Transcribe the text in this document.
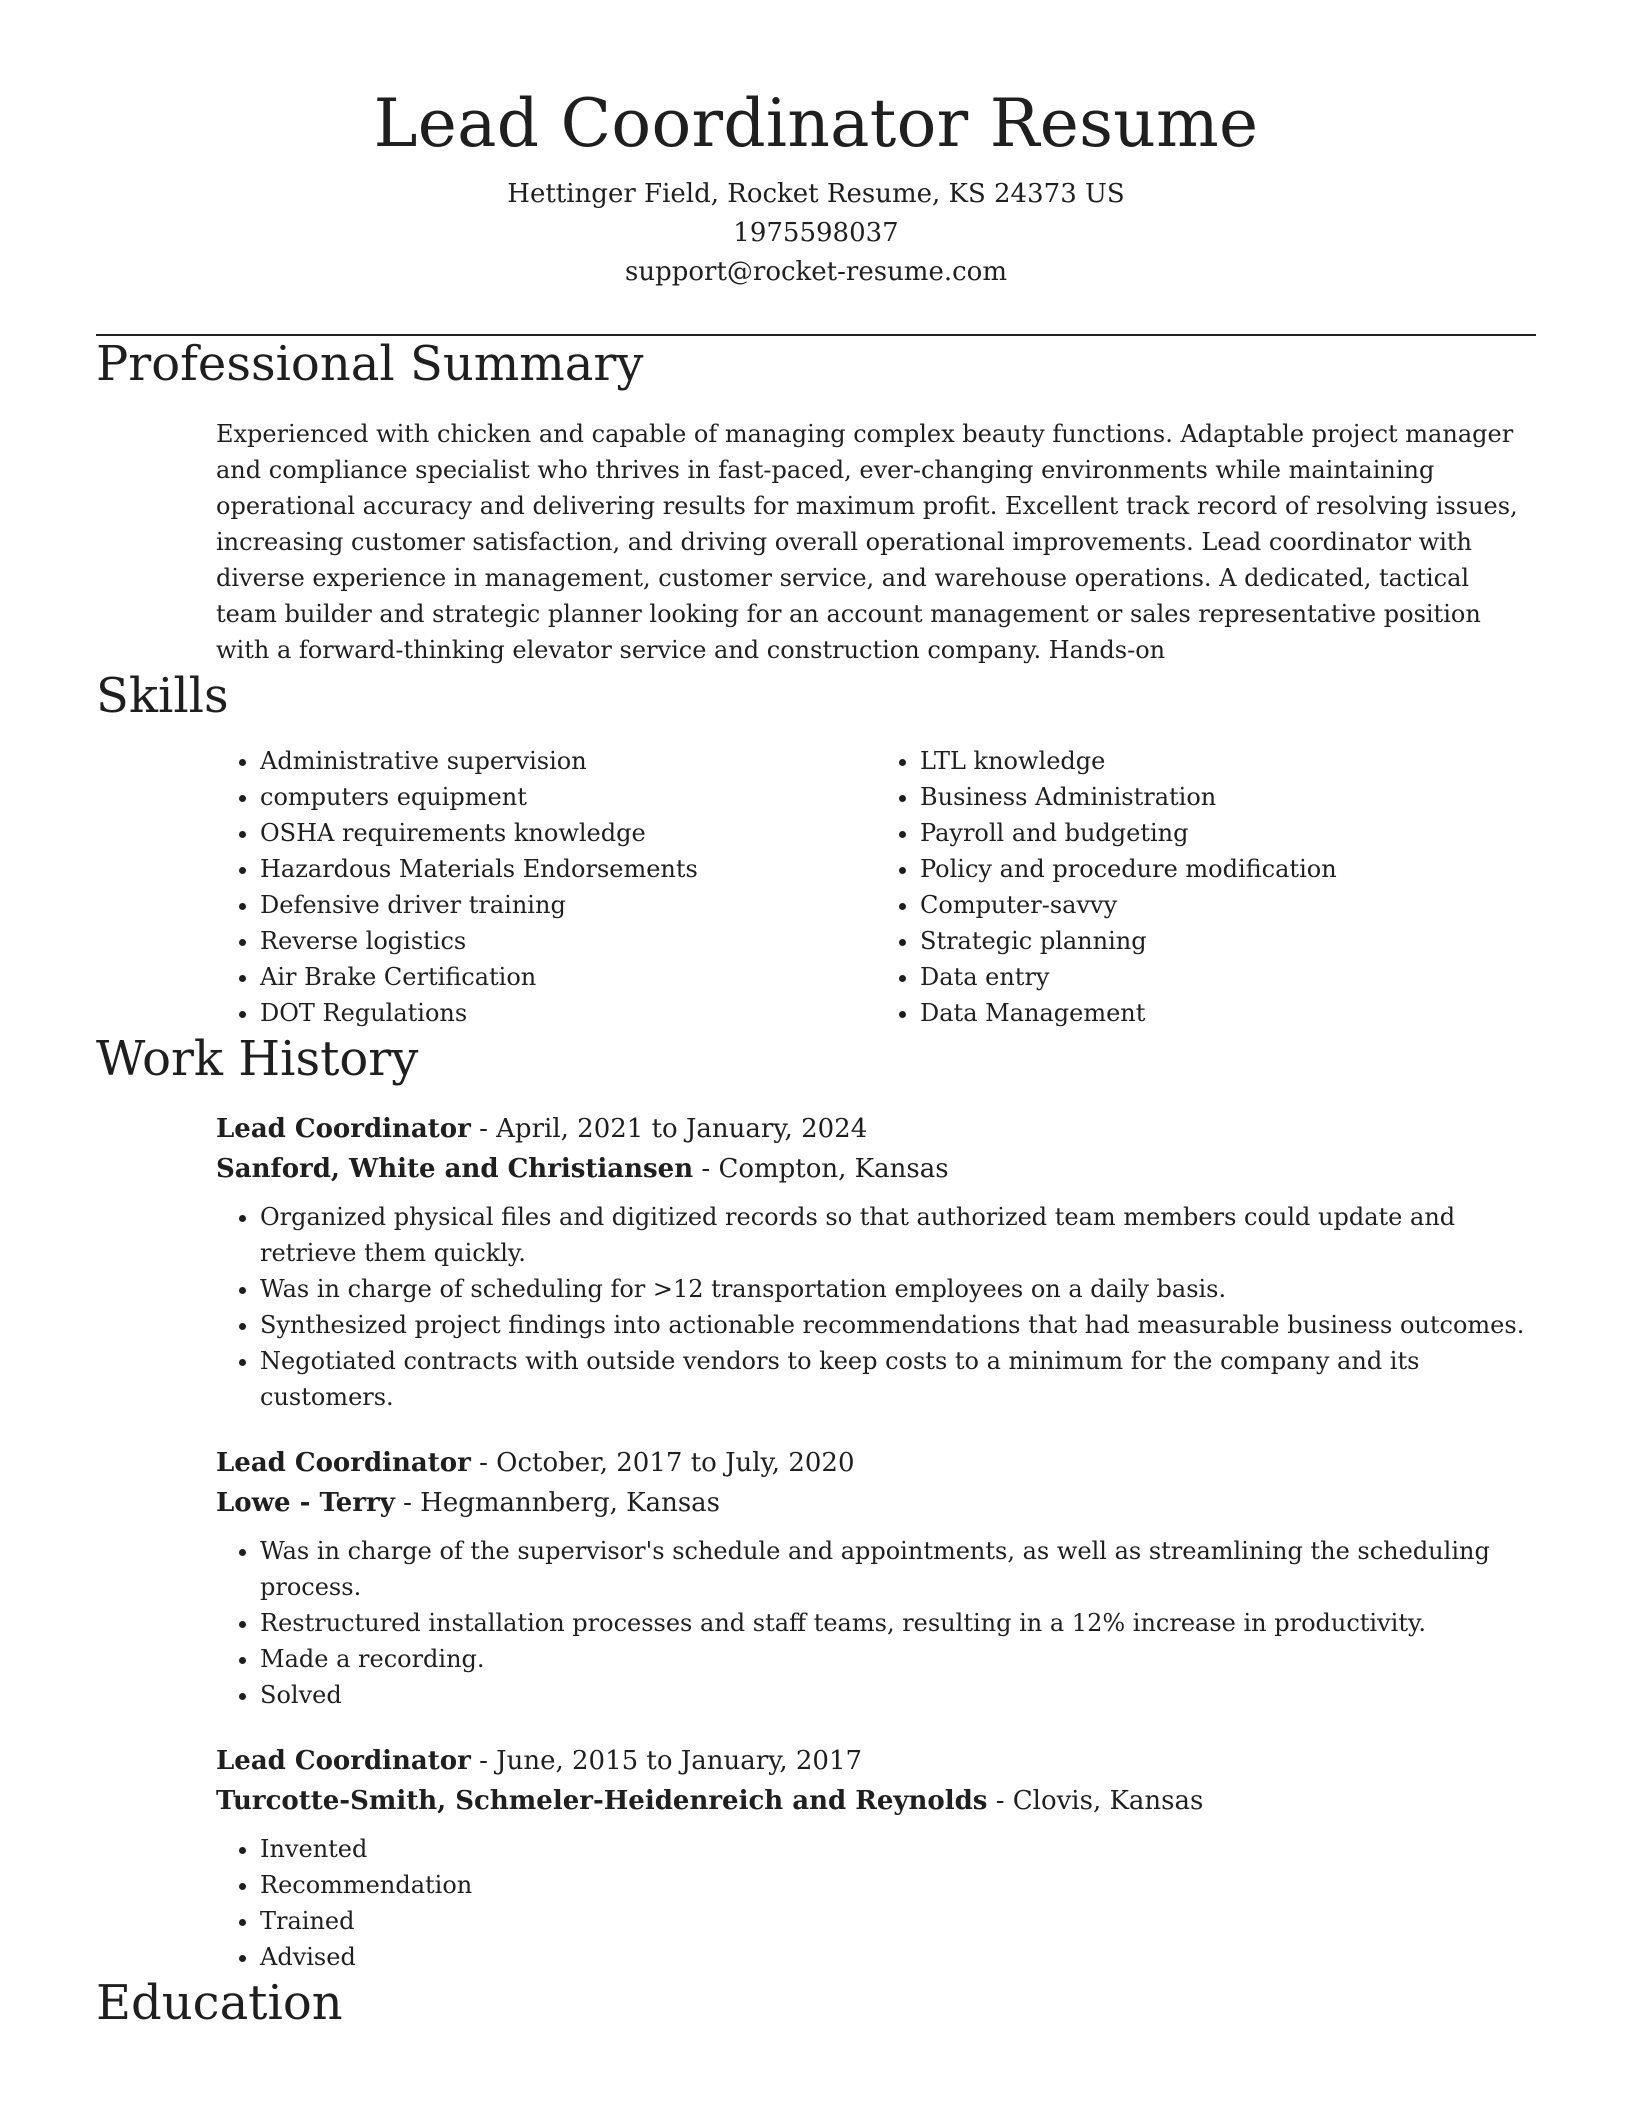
Lead Coordinator Resume

Hettinger Field, Rocket Resume, KS 24373 US

1975598037

support@rocket-resume.com

Professional Summary

Experienced with chicken and capable of managing complex beauty functions. Adaptable project manager and compliance specialist who thrives in fast-paced, ever-changing environments while maintaining operational accuracy and delivering results for maximum profit. Excellent track record of resolving issues, increasing customer satisfaction, and driving overall operational improvements. Lead coordinator with diverse experience in management, customer service, and warehouse operations. A dedicated, tactical team builder and strategic planner looking for an account management or sales representative position with a forward-thinking elevator service and construction company. Hands-on

Skills
• Administrative supervision
• computers equipment
• OSHA requirements knowledge
• Hazardous Materials Endorsements
• Defensive driver training
• Reverse logistics
• Air Brake Certification
• DOT Regulations
• LTL knowledge
• Business Administration
• Payroll and budgeting
• Policy and procedure modification
• Computer-savvy
• Strategic planning
• Data entry
• Data Management
Work History

Lead Coordinator - April, 2021 to January, 2024

Sanford, White and Christiansen - Compton, Kansas

• Organized physical files and digitized records so that authorized team members could update and retrieve them quickly.
• Was in charge of scheduling for >12 transportation employees on a daily basis.
• Synthesized project findings into actionable recommendations that had measurable business outcomes.
• Negotiated contracts with outside vendors to keep costs to a minimum for the company and its customers.

Lead Coordinator - October, 2017 to July, 2020

Lowe - Terry - Hegmannberg, Kansas

• Was in charge of the supervisor's schedule and appointments, as well as streamlining the scheduling process.
• Restructured installation processes and staff teams, resulting in a 12% increase in productivity.
• Made a recording.
• Solved

Lead Coordinator - June, 2015 to January, 2017

Turcotte-Smith, Schmeler-Heidenreich and Reynolds - Clovis, Kansas

• Invented
• Recommendation
• Trained
• Advised
Education
